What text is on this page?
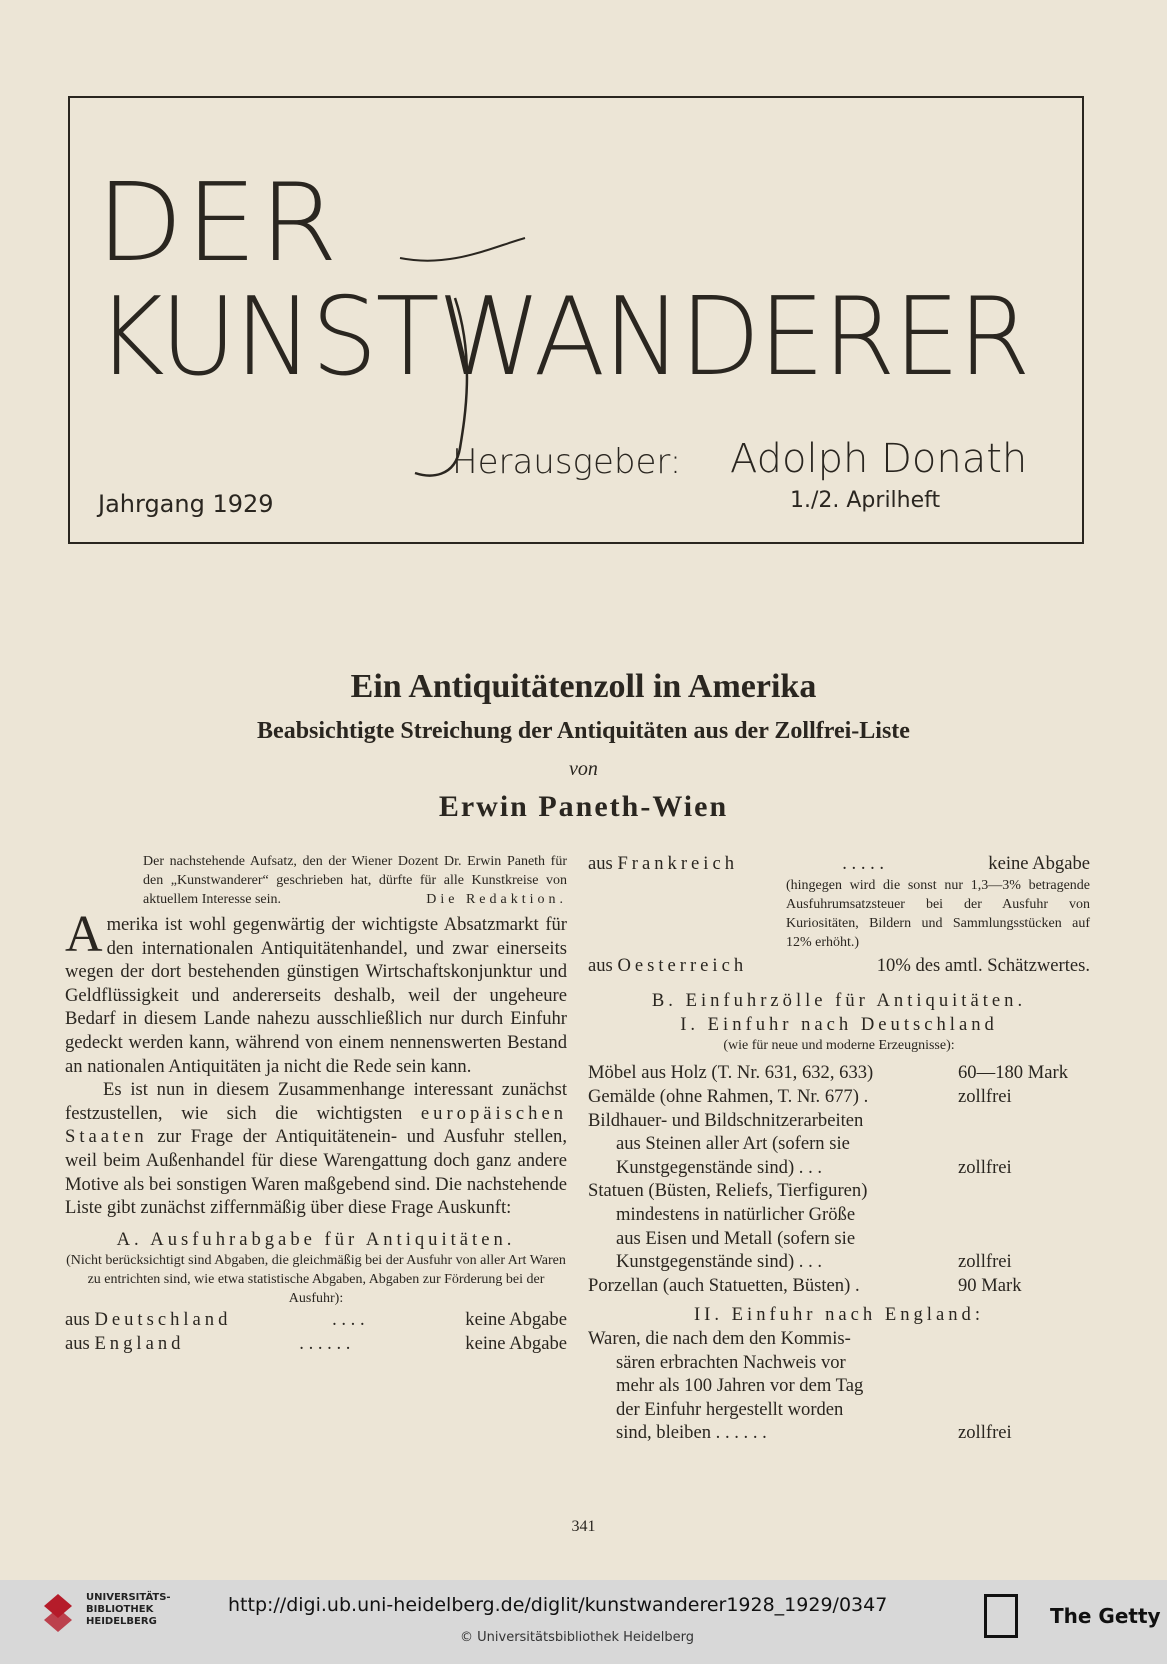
DER
KUNSTWANDERER
Herausgeber: Adolph Donath
Jahrgang 1929	1./2. Aprilheft
Ein Antiquitätenzoll in Amerika
Beabsichtigte Streichung der Antiquitäten aus der Zollfrei-Liste
von
Erwin Paneth-Wien
Der nachstehende Aufsatz, den der Wiener Dozent Dr. Erwin Paneth für den „Kunstwanderer“ geschrieben hat, dürfte für alle Kunstkreise von aktuellem Interesse sein.	Die Redaktion.

Amerika ist wohl gegenwärtig der wichtigste Absatzmarkt für den internationalen Antiquitätenhandel, und zwar einerseits wegen der dort bestehenden günstigen Wirtschaftskonjunktur und Geldflüssigkeit und andererseits deshalb, weil der ungeheure Bedarf in diesem Lande nahezu ausschließlich nur durch Einfuhr gedeckt werden kann, während von einem nennenswerten Bestand an nationalen Antiquitäten ja nicht die Rede sein kann.

Es ist nun in diesem Zusammenhange interessant zunächst festzustellen, wie sich die wichtigsten europäischen Staaten zur Frage der Antiquitätenein- und Ausfuhr stellen, weil beim Außenhandel für diese Warengattung doch ganz andere Motive als bei sonstigen Waren maßgebend sind. Die nachstehende Liste gibt zunächst ziffernmäßig über diese Frage Auskunft:

A. Ausfuhrabgabe für Antiquitäten.

(Nicht berücksichtigt sind Abgaben, die gleichmäßig bei der Ausfuhr von aller Art Waren zu entrichten sind, wie etwa statistische Abgaben, Abgaben zur Förderung bei der Ausfuhr):

aus Deutschland	. . . .	keine Abgabe
aus England	. . . . . .	keine Abgabe
aus Frankreich	. . . . .	keine Abgabe

(hingegen wird die sonst nur 1,3—3% betragende Ausfuhrumsatzsteuer bei der Ausfuhr von Kuriositäten, Bildern und Sammlungsstücken auf 12% erhöht.)

aus Oesterreich	10% des amtl. Schätzwertes.

B. Einfuhrzölle für Antiquitäten.

I. Einfuhr nach Deutschland

(wie für neue und moderne Erzeugnisse):

Möbel aus Holz (T. Nr. 631, 632, 633)	60—180 Mark
Gemälde (ohne Rahmen, T. Nr. 677) .	zollfrei
Bildhauer- und Bildschnitzerarbeiten
aus Steinen aller Art (sofern sie
Kunstgegenstände sind) . . .	zollfrei
Statuen (Büsten, Reliefs, Tierfiguren)
mindestens in natürlicher Größe
aus Eisen und Metall (sofern sie
Kunstgegenstände sind) . . .	zollfrei
Porzellan (auch Statuetten, Büsten) .	90 Mark

II. Einfuhr nach England:

Waren, die nach dem den Kommis-
sären erbrachten Nachweis vor
mehr als 100 Jahren vor dem Tag
der Einfuhr hergestellt worden
sind, bleiben . . . . . .	zollfrei
341
UNIVERSITÄTS-
BIBLIOTHEK
HEIDELBERG
http://digi.ub.uni-heidelberg.de/diglit/kunstwanderer1928_1929/0347
© Universitätsbibliothek Heidelberg
The Getty
